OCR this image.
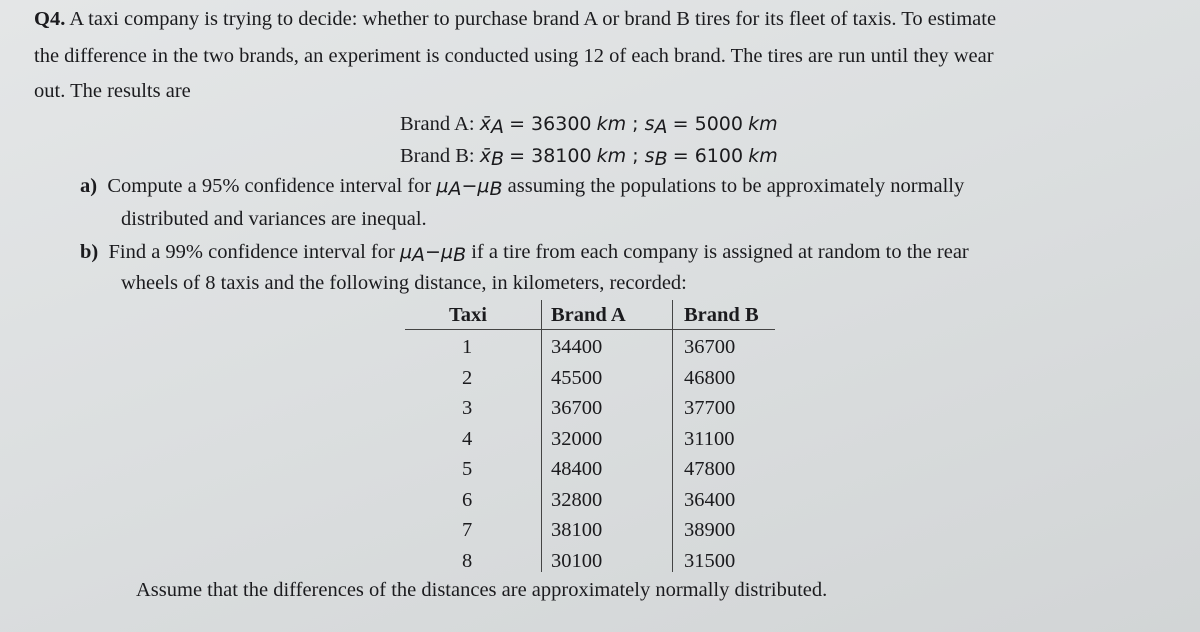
Q4. A taxi company is trying to decide: whether to purchase brand A or brand B tires for its fleet of taxis. To estimate
the difference in the two brands, an experiment is conducted using 12 of each brand. The tires are run until they wear
out. The results are
Brand A: $x̄_A = 36300$ km ; $s_A = 5000$ km
Brand B: $x̄_B = 38100$ km ; $s_B = 6100$ km
a) Compute a 95% confidence interval for $\mu_A-\mu_B$ assuming the populations to be approximately normally
distributed and variances are inequal.
b) Find a 99% confidence interval for $\mu_A-\mu_B$ if a tire from each company is assigned at random to the rear
wheels of 8 taxis and the following distance, in kilometers, recorded:
Taxi	Brand A	Brand B
1	34400	36700
2	45500	46800
3	36700	37700
4	32000	31100
5	48400	47800
6	32800	36400
7	38100	38900
8	30100	31500
Assume that the differences of the distances are approximately normally distributed.
